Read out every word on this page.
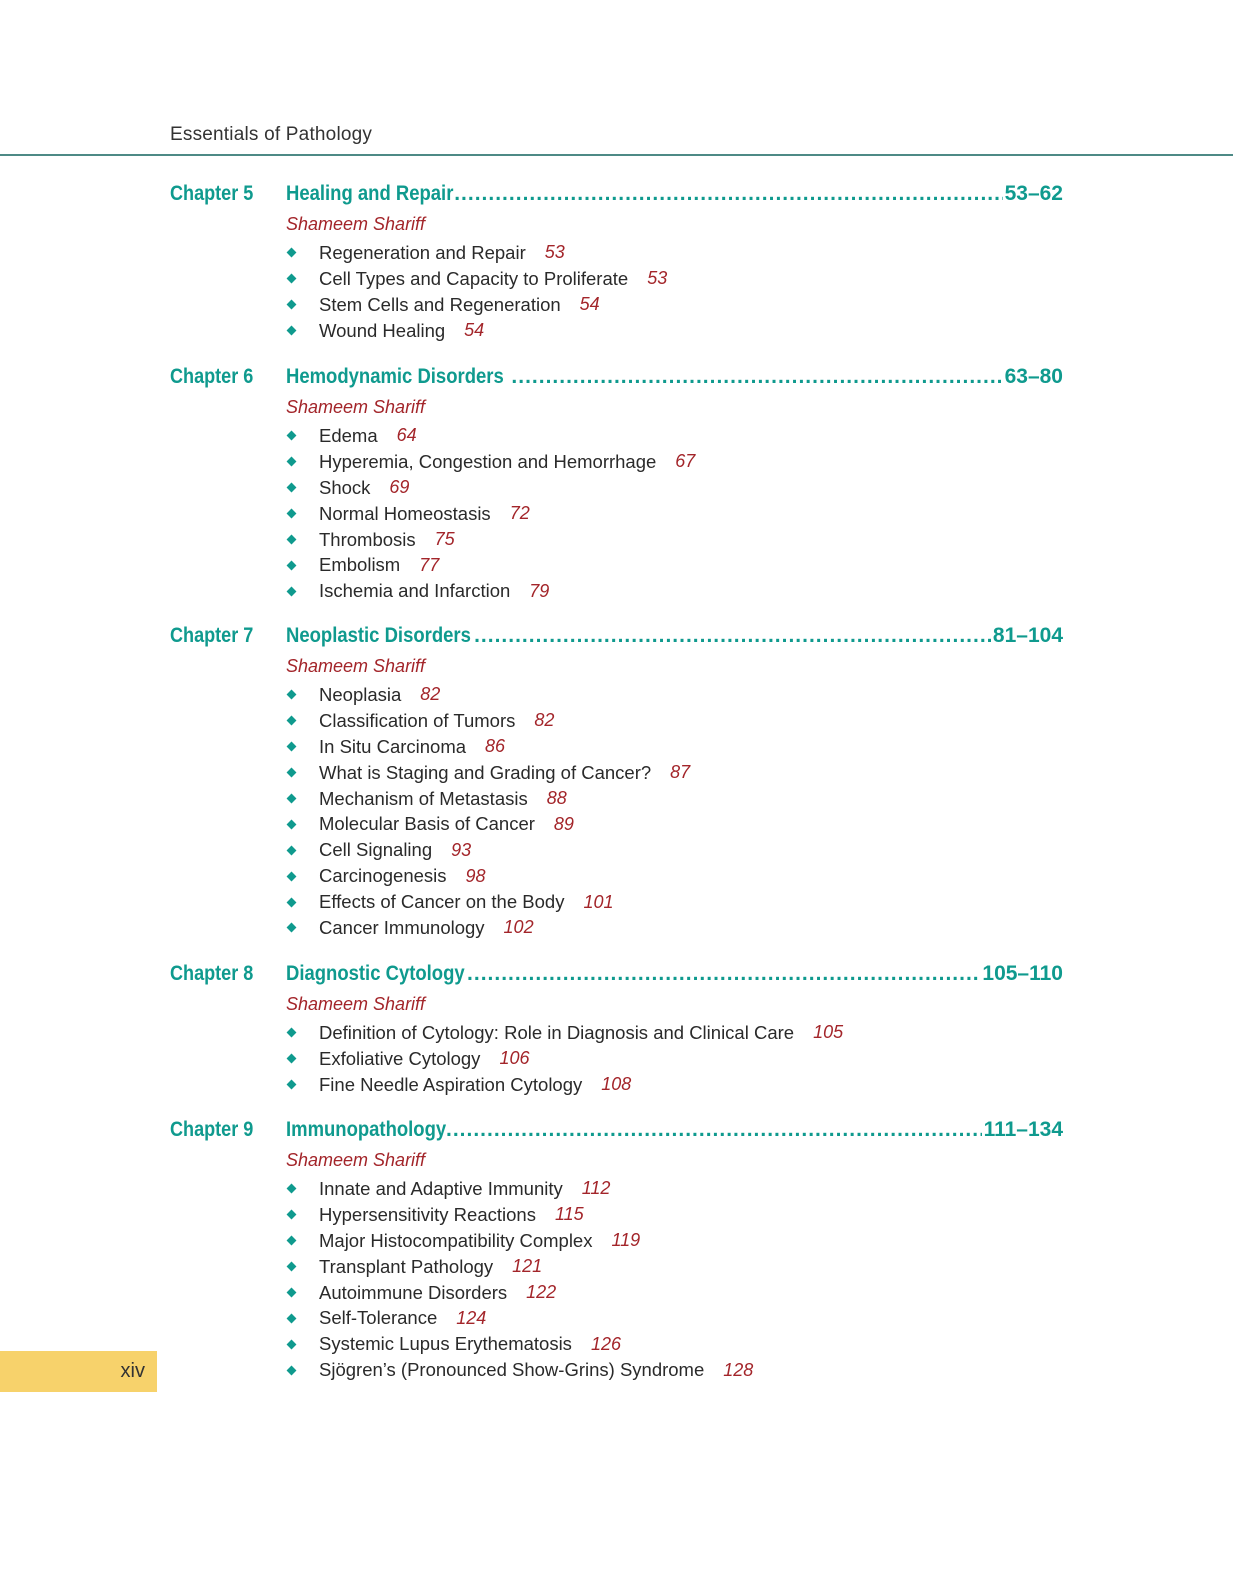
Essentials of Pathology
Chapter 5 Healing and Repair .....	53–62
Shameem Shariff
Regeneration and Repair 53
Cell Types and Capacity to Proliferate 53
Stem Cells and Regeneration 54
Wound Healing 54
Chapter 6 Hemodynamic Disorders .....	63–80
Shameem Shariff
Edema 64
Hyperemia, Congestion and Hemorrhage 67
Shock 69
Normal Homeostasis 72
Thrombosis 75
Embolism 77
Ischemia and Infarction 79
Chapter 7 Neoplastic Disorders .....	81–104
Shameem Shariff
Neoplasia 82
Classification of Tumors 82
In Situ Carcinoma 86
What is Staging and Grading of Cancer? 87
Mechanism of Metastasis 88
Molecular Basis of Cancer 89
Cell Signaling 93
Carcinogenesis 98
Effects of Cancer on the Body 101
Cancer Immunology 102
Chapter 8 Diagnostic Cytology .....	105–110
Shameem Shariff
Definition of Cytology: Role in Diagnosis and Clinical Care 105
Exfoliative Cytology 106
Fine Needle Aspiration Cytology 108
Chapter 9 Immunopathology .....	111–134
Shameem Shariff
Innate and Adaptive Immunity 112
Hypersensitivity Reactions 115
Major Histocompatibility Complex 119
Transplant Pathology 121
Autoimmune Disorders 122
Self-Tolerance 124
Systemic Lupus Erythematosis 126
Sjögren’s (Pronounced Show-Grins) Syndrome 128
xiv
